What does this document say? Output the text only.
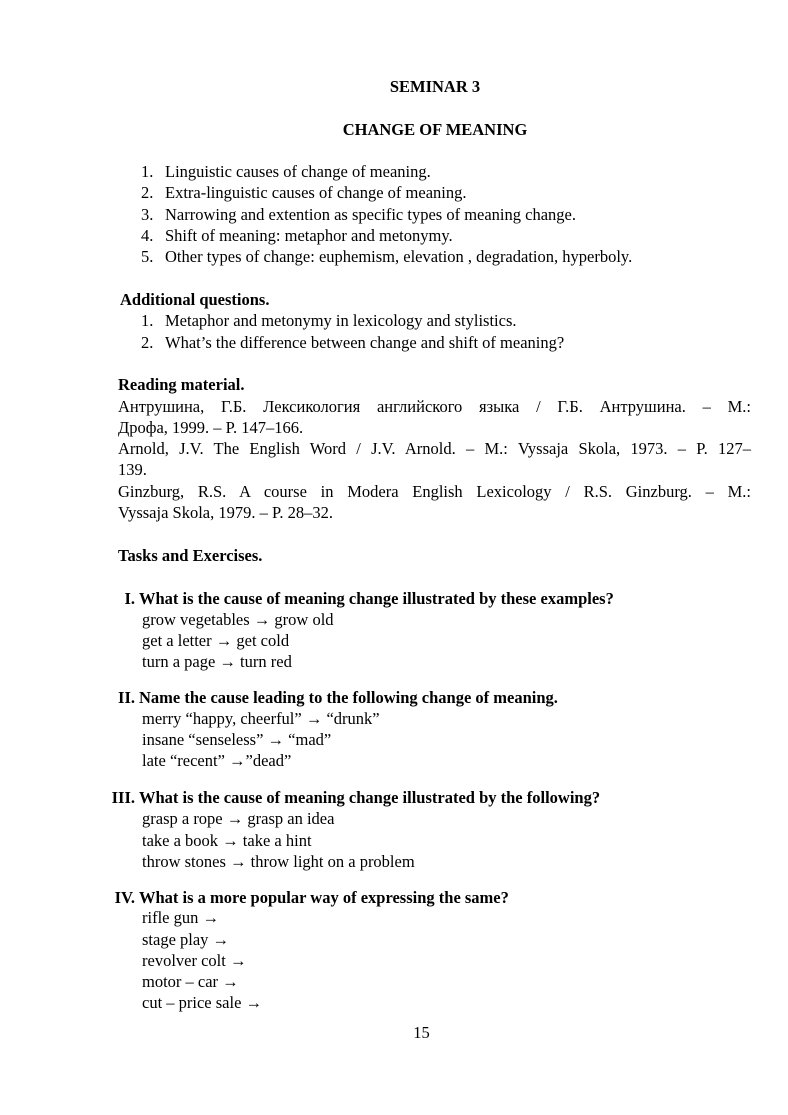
SEMINAR 3
CHANGE OF MEANING
1. Linguistic causes of change of meaning.
2. Extra-linguistic causes of change of meaning.
3. Narrowing and extention as specific types of meaning change.
4. Shift of meaning: metaphor and metonymy.
5. Other types of change: euphemism, elevation , degradation, hyperboly.
Additional questions.
1. Metaphor and metonymy in lexicology and stylistics.
2. What’s the difference between change and shift of meaning?
Reading material.
Антрушина, Г.Б. Лексикология английского языка / Г.Б. Антрушина. – М.:
Дрофа, 1999. – P. 147–166.
Arnold, J.V. The English Word / J.V. Arnold. – M.: Vyssaja Skola, 1973. – P. 127–
139.
Ginzburg, R.S. A course in Modera English Lexicology / R.S. Ginzburg. – M.:
Vyssaja Skola, 1979. – P. 28–32.
Tasks and Exercises.
I. What is the cause of meaning change illustrated by these examples?
grow vegetables → grow old
get a letter → get cold
turn a page → turn red
II. Name the cause leading to the following change of meaning.
merry “happy, cheerful” → “drunk”
insane “senseless” → “mad”
late “recent” →”dead”
III. What is the cause of meaning change illustrated by the following?
grasp a rope → grasp an idea
take a book → take a hint
throw stones → throw light on a problem
IV. What is a more popular way of expressing the same?
rifle gun →
stage play →
revolver colt →
motor – car →
cut – price sale →
15
